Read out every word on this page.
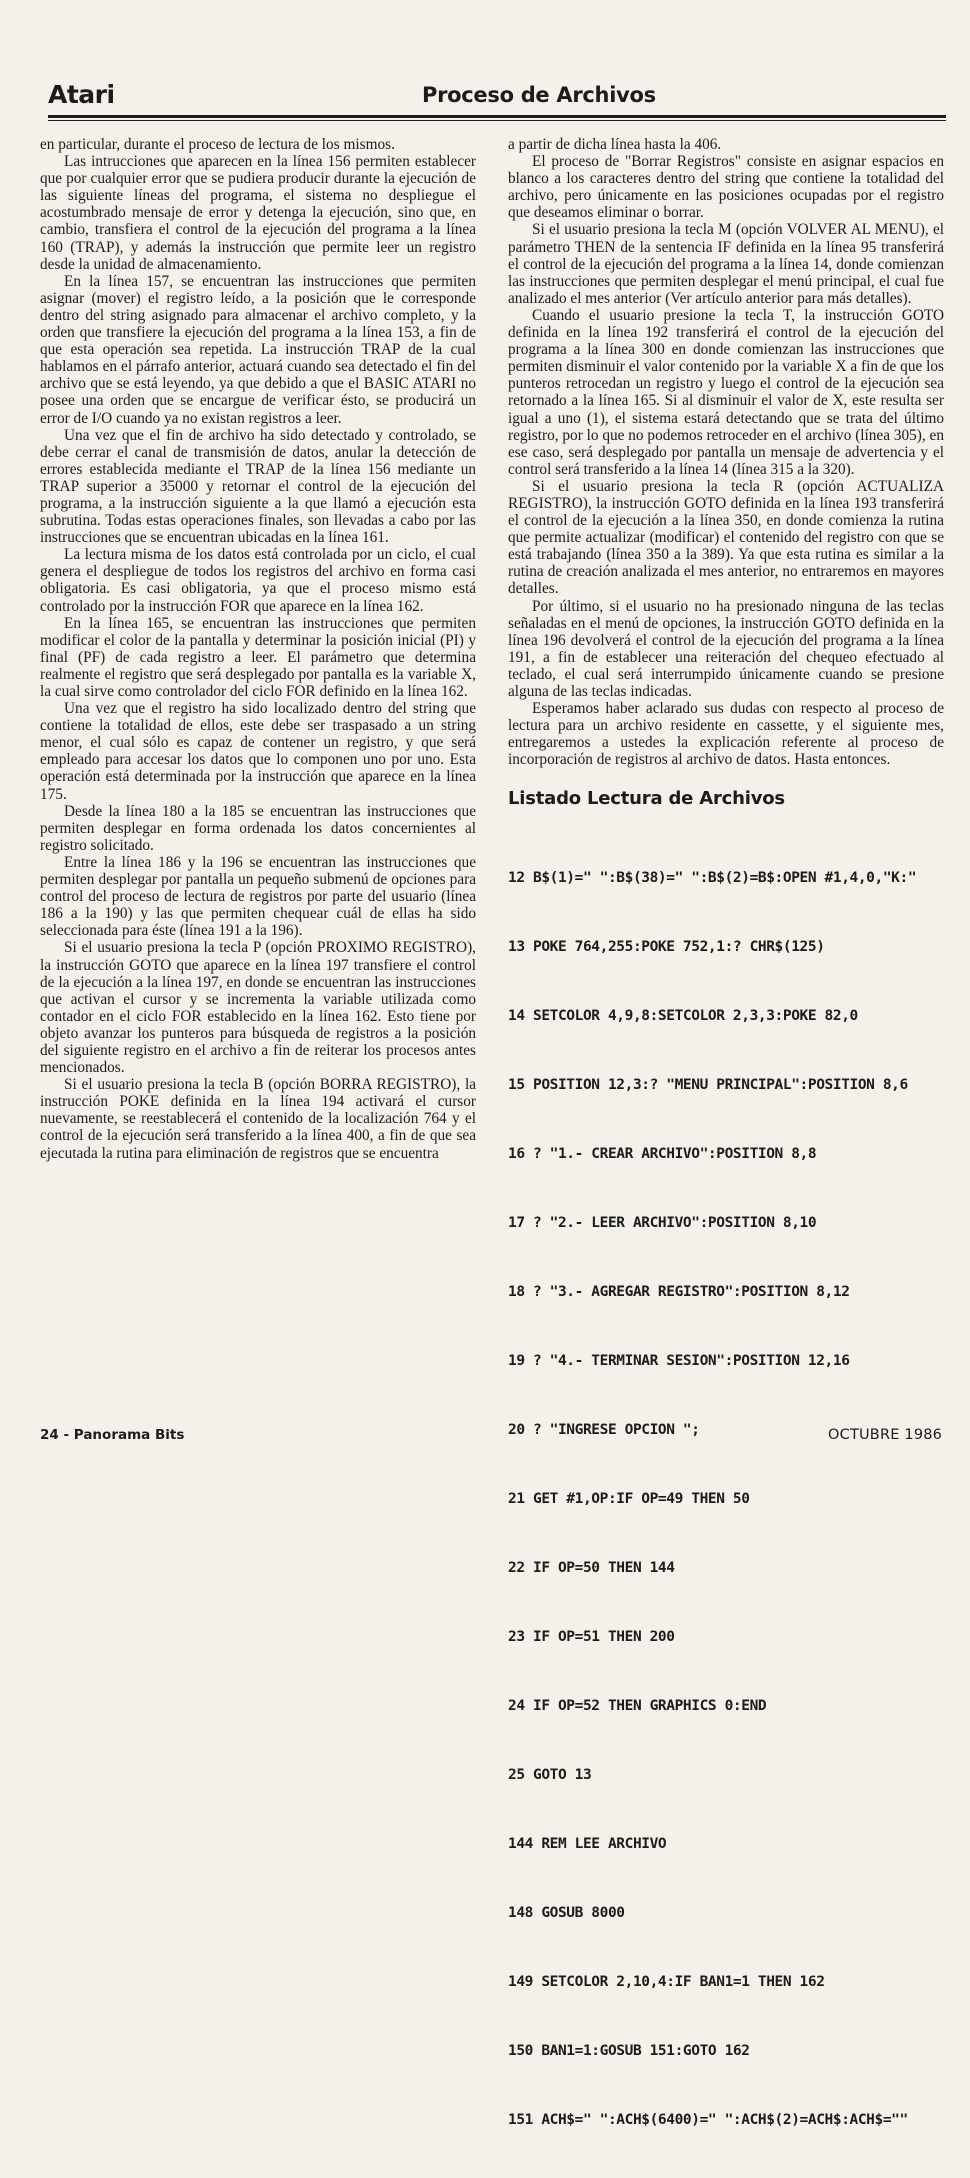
Atari	Proceso de Archivos

en particular, durante el proceso de lectura de los mismos.

Las intrucciones que aparecen en la línea 156 permiten establecer que por cualquier error que se pudiera producir durante la ejecución de las siguiente líneas del programa, el sistema no despliegue el acostumbrado mensaje de error y detenga la ejecución, sino que, en cambio, transfiera el control de la ejecución del programa a la línea 160 (TRAP), y además la instrucción que permite leer un registro desde la unidad de almacenamiento.

En la línea 157, se encuentran las instrucciones que permiten asignar (mover) el registro leído, a la posición que le corresponde dentro del string asignado para almacenar el archivo completo, y la orden que transfiere la ejecución del programa a la línea 153, a fin de que esta operación sea repetida. La instrucción TRAP de la cual hablamos en el párrafo anterior, actuará cuando sea detectado el fin del archivo que se está leyendo, ya que debido a que el BASIC ATARI no posee una orden que se encargue de verificar ésto, se producirá un error de I/O cuando ya no existan registros a leer.

Una vez que el fin de archivo ha sido detectado y controlado, se debe cerrar el canal de transmisión de datos, anular la detección de errores establecida mediante el TRAP de la línea 156 mediante un TRAP superior a 35000 y retornar el control de la ejecución del programa, a la instrucción siguiente a la que llamó a ejecución esta subrutina. Todas estas operaciones finales, son llevadas a cabo por las instrucciones que se encuentran ubicadas en la línea 161.

La lectura misma de los datos está controlada por un ciclo, el cual genera el despliegue de todos los registros del archivo en forma casi obligatoria. Es casi obligatoria, ya que el proceso mismo está controlado por la instrucción FOR que aparece en la línea 162.

En la línea 165, se encuentran las instrucciones que permiten modificar el color de la pantalla y determinar la posición inicial (PI) y final (PF) de cada registro a leer. El parámetro que determina realmente el registro que será desplegado por pantalla es la variable X, la cual sirve como controlador del ciclo FOR definido en la línea 162.

Una vez que el registro ha sido localizado dentro del string que contiene la totalidad de ellos, este debe ser traspasado a un string menor, el cual sólo es capaz de contener un registro, y que será empleado para accesar los datos que lo componen uno por uno. Esta operación está determinada por la instrucción que aparece en la línea 175.

Desde la línea 180 a la 185 se encuentran las instrucciones que permiten desplegar en forma ordenada los datos concernientes al registro solicitado.

Entre la línea 186 y la 196 se encuentran las instrucciones que permiten desplegar por pantalla un pequeño submenú de opciones para control del proceso de lectura de registros por parte del usuario (línea 186 a la 190) y las que permiten chequear cuál de ellas ha sido seleccionada para éste (línea 191 a la 196).

Si el usuario presiona la tecla P (opción PROXIMO REGISTRO), la instrucción GOTO que aparece en la línea 197 transfiere el control de la ejecución a la línea 197, en donde se encuentran las instrucciones que activan el cursor y se incrementa la variable utilizada como contador en el ciclo FOR establecido en la línea 162. Esto tiene por objeto avanzar los punteros para búsqueda de registros a la posición del siguiente registro en el archivo a fin de reiterar los procesos antes mencionados.

Si el usuario presiona la tecla B (opción BORRA REGISTRO), la instrucción POKE definida en la línea 194 activará el cursor nuevamente, se reestablecerá el contenido de la localización 764 y el control de la ejecución será transferido a la línea 400, a fin de que sea ejecutada la rutina para eliminación de registros que se encuentra

a partir de dicha línea hasta la 406.

El proceso de "Borrar Registros" consiste en asignar espacios en blanco a los caracteres dentro del string que contiene la totalidad del archivo, pero únicamente en las posiciones ocupadas por el registro que deseamos eliminar o borrar.

Si el usuario presiona la tecla M (opción VOLVER AL MENU), el parámetro THEN de la sentencia IF definida en la línea 95 transferirá el control de la ejecución del programa a la línea 14, donde comienzan las instrucciones que permiten desplegar el menú principal, el cual fue analizado el mes anterior (Ver artículo anterior para más detalles).

Cuando el usuario presione la tecla T, la instrucción GOTO definida en la línea 192 transferirá el control de la ejecución del programa a la línea 300 en donde comienzan las instrucciones que permiten disminuir el valor contenido por la variable X a fin de que los punteros retrocedan un registro y luego el control de la ejecución sea retornado a la línea 165. Si al disminuir el valor de X, este resulta ser igual a uno (1), el sistema estará detectando que se trata del último registro, por lo que no podemos retroceder en el archivo (línea 305), en ese caso, será desplegado por pantalla un mensaje de advertencia y el control será transferido a la línea 14 (línea 315 a la 320).

Si el usuario presiona la tecla R (opción ACTUALIZA REGISTRO), la instrucción GOTO definida en la línea 193 transferirá el control de la ejecución a la línea 350, en donde comienza la rutina que permite actualizar (modificar) el contenido del registro con que se está trabajando (línea 350 a la 389). Ya que esta rutina es similar a la rutina de creación analizada el mes anterior, no entraremos en mayores detalles.

Por último, si el usuario no ha presionado ninguna de las teclas señaladas en el menú de opciones, la instrucción GOTO definida en la línea 196 devolverá el control de la ejecución del programa a la línea 191, a fin de establecer una reiteración del chequeo efectuado al teclado, el cual será interrumpido únicamente cuando se presione alguna de las teclas indicadas.

Esperamos haber aclarado sus dudas con respecto al proceso de lectura para un archivo residente en cassette, y el siguiente mes, entregaremos a ustedes la explicación referente al proceso de incorporación de registros al archivo de datos. Hasta entonces.

Listado Lectura de Archivos

12 B$(1)=" ":B$(38)=" ":B$(2)=B$:OPEN #1,4,0,"K:"

13 POKE 764,255:POKE 752,1:? CHR$(125)

14 SETCOLOR 4,9,8:SETCOLOR 2,3,3:POKE 82,0

15 POSITION 12,3:? "MENU PRINCIPAL":POSITION 8,6

16 ? "1.- CREAR ARCHIVO":POSITION 8,8

17 ? "2.- LEER ARCHIVO":POSITION 8,10

18 ? "3.- AGREGAR REGISTRO":POSITION 8,12

19 ? "4.- TERMINAR SESION":POSITION 12,16

20 ? "INGRESE OPCION ";

21 GET #1,OP:IF OP=49 THEN 50

22 IF OP=50 THEN 144

23 IF OP=51 THEN 200

24 IF OP=52 THEN GRAPHICS 0:END

25 GOTO 13

144 REM LEE ARCHIVO

148 GOSUB 8000

149 SETCOLOR 2,10,4:IF BAN1=1 THEN 162

150 BAN1=1:GOSUB 151:GOTO 162

151 ACH$=" ":ACH$(6400)=" ":ACH$(2)=ACH$:ACH$=""

24 - Panorama Bits	OCTUBRE 1986
